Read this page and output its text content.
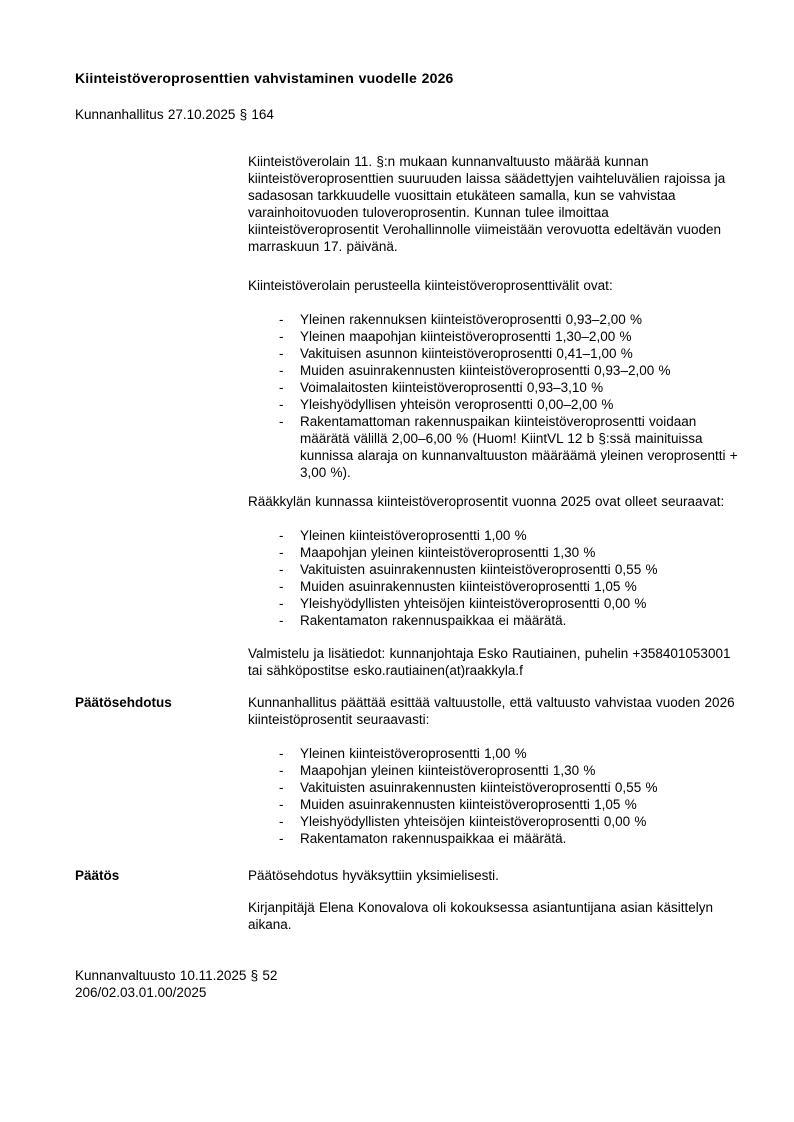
Kiinteistöveroprosenttien vahvistaminen vuodelle 2026

Kunnanhallitus 27.10.2025 § 164

Kiinteistöverolain 11. §:n mukaan kunnanvaltuusto määrää kunnan kiinteistöveroprosenttien suuruuden laissa säädettyjen vaihteluvälien rajoissa ja sadasosan tarkkuudelle vuosittain etukäteen samalla, kun se vahvistaa varainhoitovuoden tuloveroprosentin. Kunnan tulee ilmoittaa kiinteistöveroprosentit Verohallinnolle viimeistään verovuotta edeltävän vuoden marraskuun 17. päivänä.

Kiinteistöverolain perusteella kiinteistöveroprosenttivälit ovat:

- Yleinen rakennuksen kiinteistöveroprosentti 0,93–2,00 %
- Yleinen maapohjan kiinteistöveroprosentti 1,30–2,00 %
- Vakituisen asunnon kiinteistöveroprosentti 0,41–1,00 %
- Muiden asuinrakennusten kiinteistöveroprosentti 0,93–2,00 %
- Voimalaitosten kiinteistöveroprosentti 0,93–3,10 %
- Yleishyödyllisen yhteisön veroprosentti 0,00–2,00 %
- Rakentamattoman rakennuspaikan kiinteistöveroprosentti voidaan määrätä välillä 2,00–6,00 % (Huom! KiintVL 12 b §:ssä mainituissa kunnissa alaraja on kunnanvaltuuston määräämä yleinen veroprosentti + 3,00 %).

Rääkkylän kunnassa kiinteistöveroprosentit vuonna 2025 ovat olleet seuraavat:

- Yleinen kiinteistöveroprosentti 1,00 %
- Maapohjan yleinen kiinteistöveroprosentti 1,30 %
- Vakituisten asuinrakennusten kiinteistöveroprosentti 0,55 %
- Muiden asuinrakennusten kiinteistöveroprosentti 1,05 %
- Yleishyödyllisten yhteisöjen kiinteistöveroprosentti 0,00 %
- Rakentamaton rakennuspaikkaa ei määrätä.

Valmistelu ja lisätiedot: kunnanjohtaja Esko Rautiainen, puhelin +358401053001 tai sähköpostitse esko.rautiainen(at)raakkyla.f

Päätösehdotus	Kunnanhallitus päättää esittää valtuustolle, että valtuusto vahvistaa vuoden 2026 kiinteistöprosentit seuraavasti:

- Yleinen kiinteistöveroprosentti 1,00 %
- Maapohjan yleinen kiinteistöveroprosentti 1,30 %
- Vakituisten asuinrakennusten kiinteistöveroprosentti 0,55 %
- Muiden asuinrakennusten kiinteistöveroprosentti 1,05 %
- Yleishyödyllisten yhteisöjen kiinteistöveroprosentti 0,00 %
- Rakentamaton rakennuspaikkaa ei määrätä.
Päätös	Päätösehdotus hyväksyttiin yksimielisesti.

Kirjanpitäjä Elena Konovalova oli kokouksessa asiantuntijana asian käsittelyn aikana.

Kunnanvaltuusto 10.11.2025 § 52

206/02.03.01.00/2025
